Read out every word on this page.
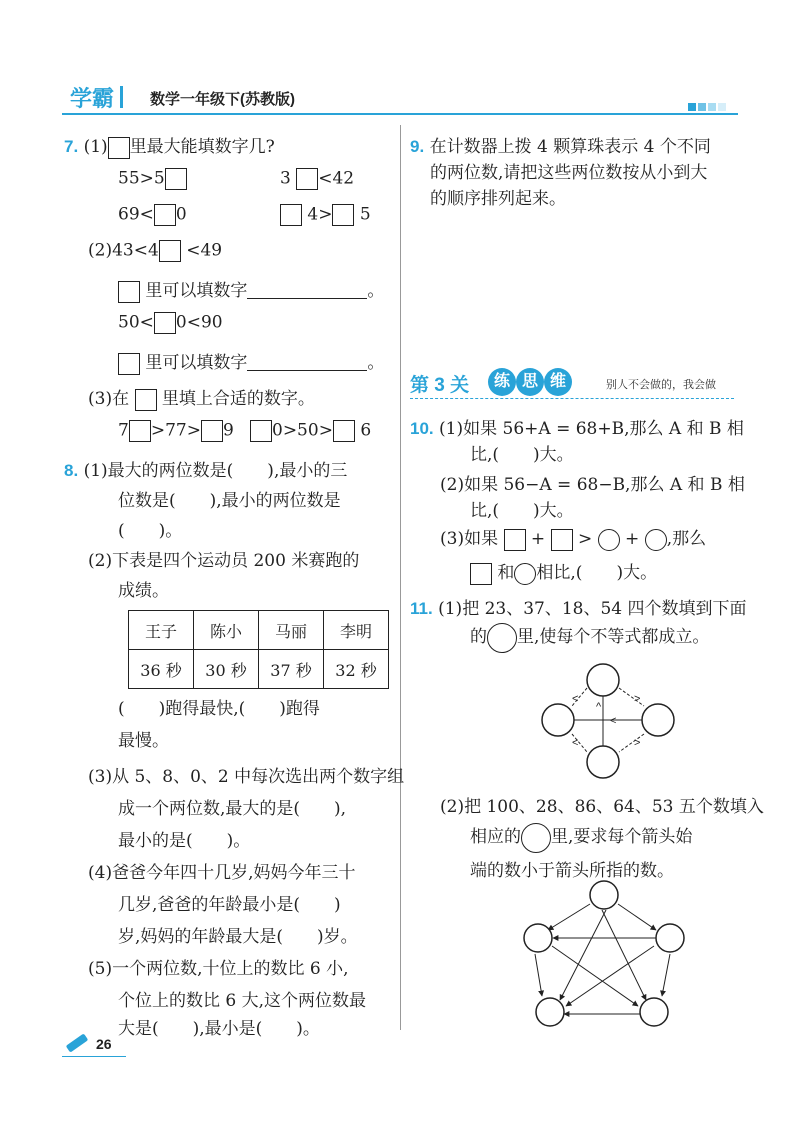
学霸 数学一年级下(苏教版)
7. (1) 里最大能填数字几?
55>5	3 <42
69< 0	4> 5
(2)43<4 <49
里可以填数字	。
50< 0<90
里可以填数字	。
(3)在 里填上合适的数字。
7 >77> 9 0>50> 6
8. (1)最大的两位数是(　　),最小的三
位数是(　　),最小的两位数是
(　　)。
(2)下表是四个运动员 200 米赛跑的
成绩。
王子	陈小	马丽	李明
36 秒	30 秒	37 秒	32 秒
(　　)跑得最快,(　　)跑得
最慢。
(3)从 5、8、0、2 中每次选出两个数字组
成一个两位数,最大的是(　　),
最小的是(　　)。
(4)爸爸今年四十几岁,妈妈今年三十
几岁,爸爸的年龄最小是(　　)
岁,妈妈的年龄最大是(　　)岁。
(5)一个两位数,十位上的数比 6 小,
个位上的数比 6 大,这个两位数最
大是(　　),最小是(　　)。
26
9. 在计数器上拨 4 颗算珠表示 4 个不同
的两位数,请把这些两位数按从小到大
的顺序排列起来。
第 3 关	练 思 维	别人不会做的，我会做
10. (1)如果 56+A = 68+B,那么 A 和 B 相
比,(　　)大。
(2)如果 56−A = 68−B,那么 A 和 B 相
比,(　　)大。
(3)如果 + > + ,那么
和 相比,(　　)大。
11. (1)把 23、37、18、54 四个数填到下面
的 里,使每个不等式都成立。
<	>
<
<	>
^
(2)把 100、28、86、64、53 五个数填入
相应的 里,要求每个箭头始
端的数小于箭头所指的数。
